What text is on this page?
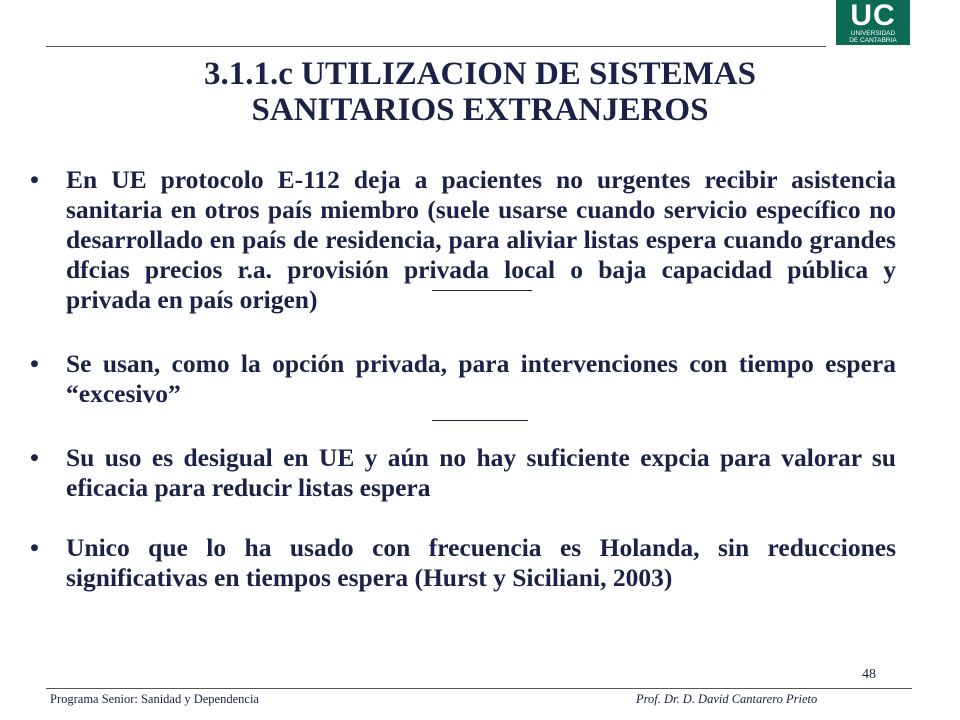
UC
UNIVERSIDAD
DE CANTABRIA
3.1.1.c UTILIZACION DE SISTEMAS
SANITARIOS EXTRANJEROS
• En UE protocolo E-112 deja a pacientes no urgentes recibir asistencia sanitaria en otros país miembro (suele usarse cuando servicio específico no desarrollado en país de residencia, para aliviar listas espera cuando grandes dfcias precios r.a. provisión privada local o baja capacidad pública y privada en país origen)
• Se usan, como la opción privada, para intervenciones con tiempo espera “excesivo”
• Su uso es desigual en UE y aún no hay suficiente expcia para valorar su eficacia para reducir listas espera
• Unico que lo ha usado con frecuencia es Holanda, sin reducciones significativas en tiempos espera (Hurst y Siciliani, 2003)
48
Programa Senior: Sanidad y Dependencia	Prof. Dr. D. David Cantarero Prieto
